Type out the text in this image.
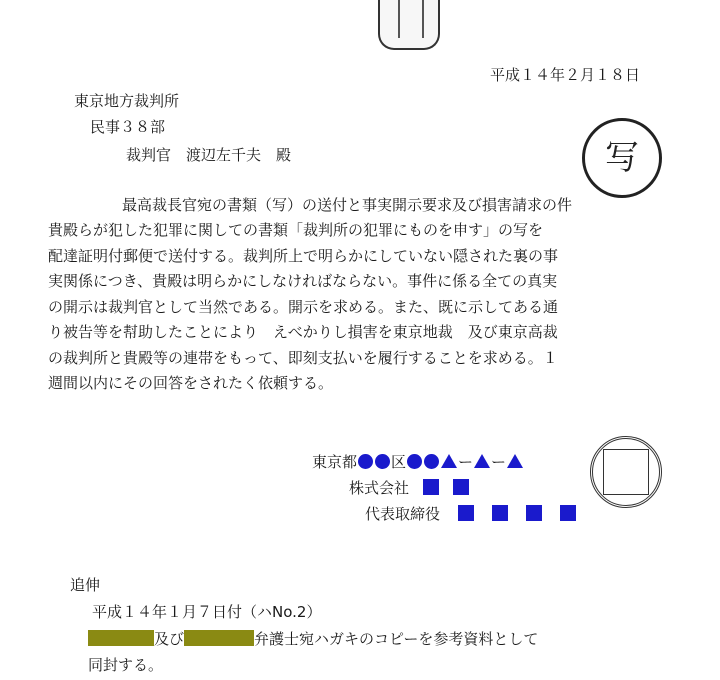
平成１４年２月１８日
東京地方裁判所
民事３８部
裁判官　渡辺左千夫　殿	写
最高裁長官宛の書類（写）の送付と事実開示要求及び損害請求の件
貴殿らが犯した犯罪に関しての書類「裁判所の犯罪にものを申す」の写を
配達証明付郵便で送付する。裁判所上で明らかにしていない隠された裏の事
実関係につき、貴殿は明らかにしなければならない。事件に係る全ての真実
の開示は裁判官として当然である。開示を求める。また、既に示してある通
り被告等を幇助したことにより　えべかりし損害を東京地裁　及び東京高裁
の裁判所と貴殿等の連帯をもって、即刻支払いを履行することを求める。１
週間以内にその回答をされたく依頼する。
東京都 区	ー ー
株式会社
代表取締役
追伸
平成１４年１月７日付（ハNo.2）
及び	弁護士宛ハガキのコピーを参考資料として
同封する。
